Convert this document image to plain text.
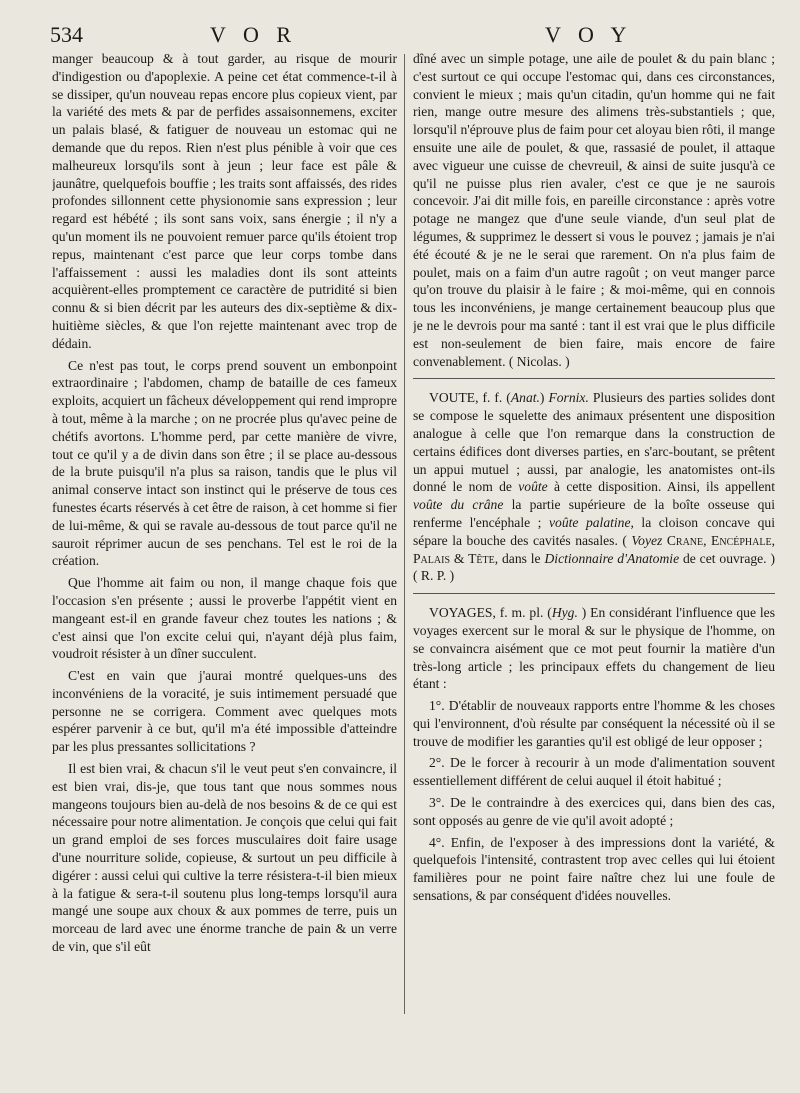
534	V O R	V O Y

manger beaucoup & à tout garder, au risque de mourir d'indigestion ou d'apoplexie. A peine cet état commence-t-il à se dissiper, qu'un nouveau repas encore plus copieux vient, par la variété des mets & par de perfides assaisonnemens, exciter un palais blasé, & fatiguer de nouveau un estomac qui ne demande que du repos. Rien n'est plus pénible à voir que ces malheureux lorsqu'ils sont à jeun ; leur face est pâle & jaunâtre, quelquefois bouffie ; les traits sont affaissés, des rides profondes sillonnent cette physionomie sans expression ; leur regard est hébété ; ils sont sans voix, sans énergie ; il n'y a qu'un moment ils ne pouvoient remuer parce qu'ils étoient trop repus, maintenant c'est parce que leur corps tombe dans l'affaissement : aussi les maladies dont ils sont atteints acquièrent-elles promptement ce caractère de putridité si bien connu & si bien décrit par les auteurs des dix-septième & dix-huitième siècles, & que l'on rejette maintenant avec trop de dédain.

Ce n'est pas tout, le corps prend souvent un embonpoint extraordinaire ; l'abdomen, champ de bataille de ces fameux exploits, acquiert un fâcheux développement qui rend impropre à tout, même à la marche ; on ne procrée plus qu'avec peine de chétifs avortons. L'homme perd, par cette manière de vivre, tout ce qu'il y a de divin dans son être ; il se place au-dessous de la brute puisqu'il n'a plus sa raison, tandis que le plus vil animal conserve intact son instinct qui le préserve de tous ces funestes écarts réservés à cet être de raison, à cet homme si fier de lui-même, & qui se ravale au-dessous de tout parce qu'il ne sauroit réprimer aucun de ses penchans. Tel est le roi de la création.

Que l'homme ait faim ou non, il mange chaque fois que l'occasion s'en présente ; aussi le proverbe l'appétit vient en mangeant est-il en grande faveur chez toutes les nations ; & c'est ainsi que l'on excite celui qui, n'ayant déjà plus faim, voudroit résister à un dîner succulent.

C'est en vain que j'aurai montré quelques-uns des inconvéniens de la voracité, je suis intimement persuadé que personne ne se corrigera. Comment avec quelques mots espérer parvenir à ce but, qu'il m'a été impossible d'atteindre par les plus pressantes sollicitations ?

Il est bien vrai, & chacun s'il le veut peut s'en convaincre, il est bien vrai, dis-je, que tous tant que nous sommes nous mangeons toujours bien au-delà de nos besoins & de ce qui est nécessaire pour notre alimentation. Je conçois que celui qui fait un grand emploi de ses forces musculaires doit faire usage d'une nourriture solide, copieuse, & surtout un peu difficile à digérer : aussi celui qui cultive la terre résistera-t-il bien mieux à la fatigue & sera-t-il soutenu plus long-temps lorsqu'il aura mangé une soupe aux choux & aux pommes de terre, puis un morceau de lard avec une énorme tranche de pain & un verre de vin, que s'il eût

dîné avec un simple potage, une aile de poulet & du pain blanc ; c'est surtout ce qui occupe l'estomac qui, dans ces circonstances, convient le mieux ; mais qu'un citadin, qu'un homme qui ne fait rien, mange outre mesure des alimens très-substantiels ; que, lorsqu'il n'éprouve plus de faim pour cet aloyau bien rôti, il mange ensuite une aile de poulet, & que, rassasié de poulet, il attaque avec vigueur une cuisse de chevreuil, & ainsi de suite jusqu'à ce qu'il ne puisse plus rien avaler, c'est ce que je ne saurois concevoir. J'ai dit mille fois, en pareille circonstance : après votre potage ne mangez que d'une seule viande, d'un seul plat de légumes, & supprimez le dessert si vous le pouvez ; jamais je n'ai été écouté & je ne le serai que rarement. On n'a plus faim de poulet, mais on a faim d'un autre ragoût ; on veut manger parce qu'on trouve du plaisir à le faire ; & moi-même, qui en connois tous les inconvéniens, je mange certainement beaucoup plus que je ne le devrois pour ma santé : tant il est vrai que le plus difficile est non-seulement de bien faire, mais encore de faire convenablement. ( Nicolas. )

VOUTE, f. f. (Anat.) Fornix. Plusieurs des parties solides dont se compose le squelette des animaux présentent une disposition analogue à celle que l'on remarque dans la construction de certains édifices dont diverses parties, en s'arc-boutant, se prêtent un appui mutuel ; aussi, par analogie, les anatomistes ont-ils donné le nom de voûte à cette disposition. Ainsi, ils appellent voûte du crâne la partie supérieure de la boîte osseuse qui renferme l'encéphale ; voûte palatine, la cloison concave qui sépare la bouche des cavités nasales. ( Voyez Crane, Encéphale, Palais & Tête, dans le Dictionnaire d'Anatomie de cet ouvrage. ) ( R. P. )

VOYAGES, f. m. pl. (Hyg. ) En considérant l'influence que les voyages exercent sur le moral & sur le physique de l'homme, on se convaincra aisément que ce mot peut fournir la matière d'un très-long article ; les principaux effets du changement de lieu étant :

1°. D'établir de nouveaux rapports entre l'homme & les choses qui l'environnent, d'où résulte par conséquent la nécessité où il se trouve de modifier les garanties qu'il est obligé de leur opposer ;

2°. De le forcer à recourir à un mode d'alimentation souvent essentiellement différent de celui auquel il étoit habitué ;

3°. De le contraindre à des exercices qui, dans bien des cas, sont opposés au genre de vie qu'il avoit adopté ;

4°. Enfin, de l'exposer à des impressions dont la variété, & quelquefois l'intensité, contrastent trop avec celles qui lui étoient familières pour ne point faire naître chez lui une foule de sensations, & par conséquent d'idées nouvelles.
